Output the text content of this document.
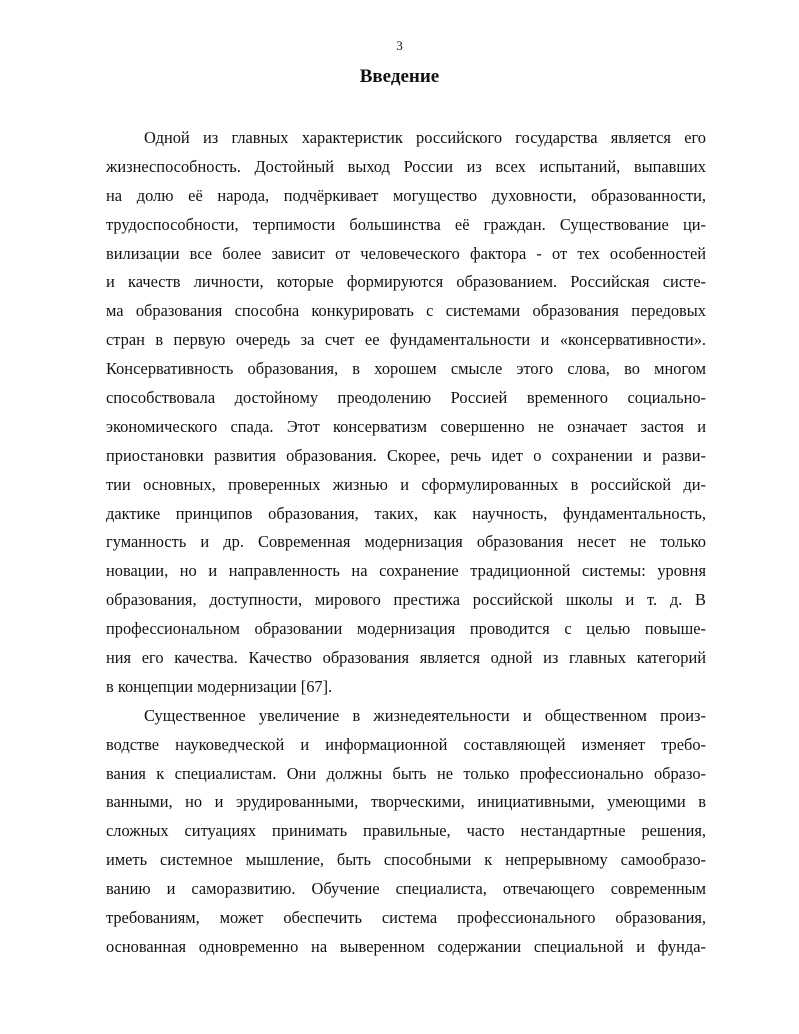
3
Введение
Одной из главных характеристик российского государства является его
жизнеспособность. Достойный выход России из всех испытаний, выпавших
на долю её народа, подчёркивает могущество духовности, образованности,
трудоспособности, терпимости большинства её граждан. Существование ци-
вилизации все более зависит от человеческого фактора - от тех особенностей
и качеств личности, которые формируются образованием. Российская систе-
ма образования способна конкурировать с системами образования передовых
стран в первую очередь за счет ее фундаментальности и «консервативности».
Консервативность образования, в хорошем смысле этого слова, во многом
способствовала достойному преодолению Россией временного социально-
экономического спада. Этот консерватизм совершенно не означает застоя и
приостановки развития образования. Скорее, речь идет о сохранении и разви-
тии основных, проверенных жизнью и сформулированных в российской ди-
дактике принципов образования, таких, как научность, фундаментальность,
гуманность и др. Современная модернизация образования несет не только
новации, но и направленность на сохранение традиционной системы: уровня
образования, доступности, мирового престижа российской школы и т. д. В
профессиональном образовании модернизация проводится с целью повыше-
ния его качества. Качество образования является одной из главных категорий
в концепции модернизации [67].
Существенное увеличение в жизнедеятельности и общественном произ-
водстве науковедческой и информационной составляющей изменяет требо-
вания к специалистам. Они должны быть не только профессионально образо-
ванными, но и эрудированными, творческими, инициативными, умеющими в
сложных ситуациях принимать правильные, часто нестандартные решения,
иметь системное мышление, быть способными к непрерывному самообразо-
ванию и саморазвитию. Обучение специалиста, отвечающего современным
требованиям, может обеспечить система профессионального образования,
основанная одновременно на выверенном содержании специальной и фунда-
